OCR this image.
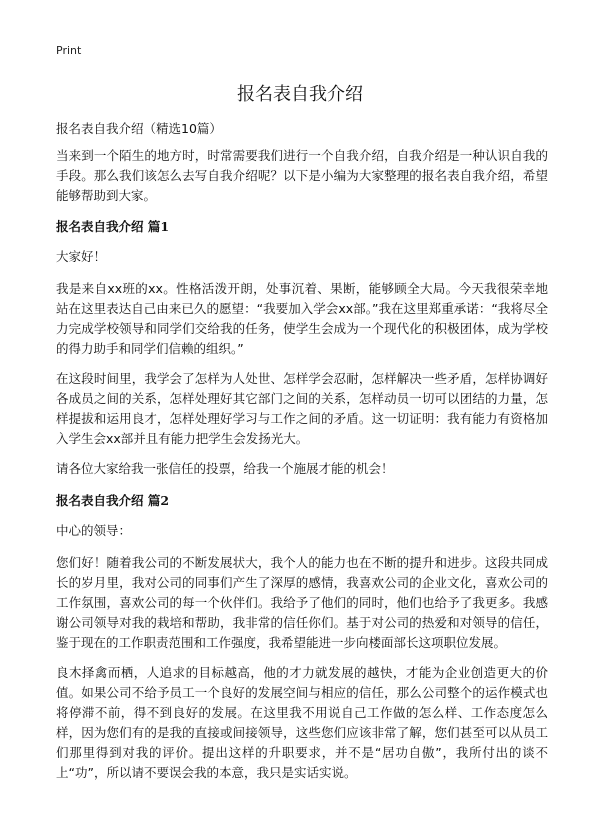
Print
报名表自我介绍
报名表自我介绍（精选10篇）

当来到一个陌生的地方时，时常需要我们进行一个自我介绍，自我介绍是一种认识自我的手段。那么我们该怎么去写自我介绍呢？以下是小编为大家整理的报名表自我介绍，希望能够帮助到大家。

报名表自我介绍 篇1

大家好！

我是来自xx班的xx。性格活泼开朗，处事沉着、果断，能够顾全大局。今天我很荣幸地站在这里表达自己由来已久的愿望：“我要加入学会xx部。”我在这里郑重承诺：“我将尽全力完成学校领导和同学们交给我的任务，使学生会成为一个现代化的积极团体，成为学校的得力助手和同学们信赖的组织。”

在这段时间里，我学会了怎样为人处世、怎样学会忍耐，怎样解决一些矛盾，怎样协调好各成员之间的关系，怎样处理好其它部门之间的关系，怎样动员一切可以团结的力量，怎样提拔和运用良才，怎样处理好学习与工作之间的矛盾。这一切证明：我有能力有资格加入学生会xx部并且有能力把学生会发扬光大。

请各位大家给我一张信任的投票，给我一个施展才能的机会！

报名表自我介绍 篇2

中心的领导：

您们好！随着我公司的不断发展状大，我个人的能力也在不断的提升和进步。这段共同成长的岁月里，我对公司的同事们产生了深厚的感情，我喜欢公司的企业文化，喜欢公司的工作氛围，喜欢公司的每一个伙伴们。我给予了他们的同时，他们也给予了我更多。我感谢公司领导对我的栽培和帮助，我非常的信任你们。基于对公司的热爱和对领导的信任，鉴于现在的工作职责范围和工作强度，我希望能进一步向楼面部长这项职位发展。

良木择禽而栖，人追求的目标越高，他的才力就发展的越快，才能为企业创造更大的价值。如果公司不给予员工一个良好的发展空间与相应的信任，那么公司整个的运作模式也将停滞不前，得不到良好的发展。在这里我不用说自己工作做的怎么样、工作态度怎么样，因为您们有的是我的直接或间接领导，这些您们应该非常了解，您们甚至可以从员工们那里得到对我的评价。提出这样的升职要求，并不是“居功自傲”，我所付出的谈不上“功”，所以请不要误会我的本意，我只是实话实说。
